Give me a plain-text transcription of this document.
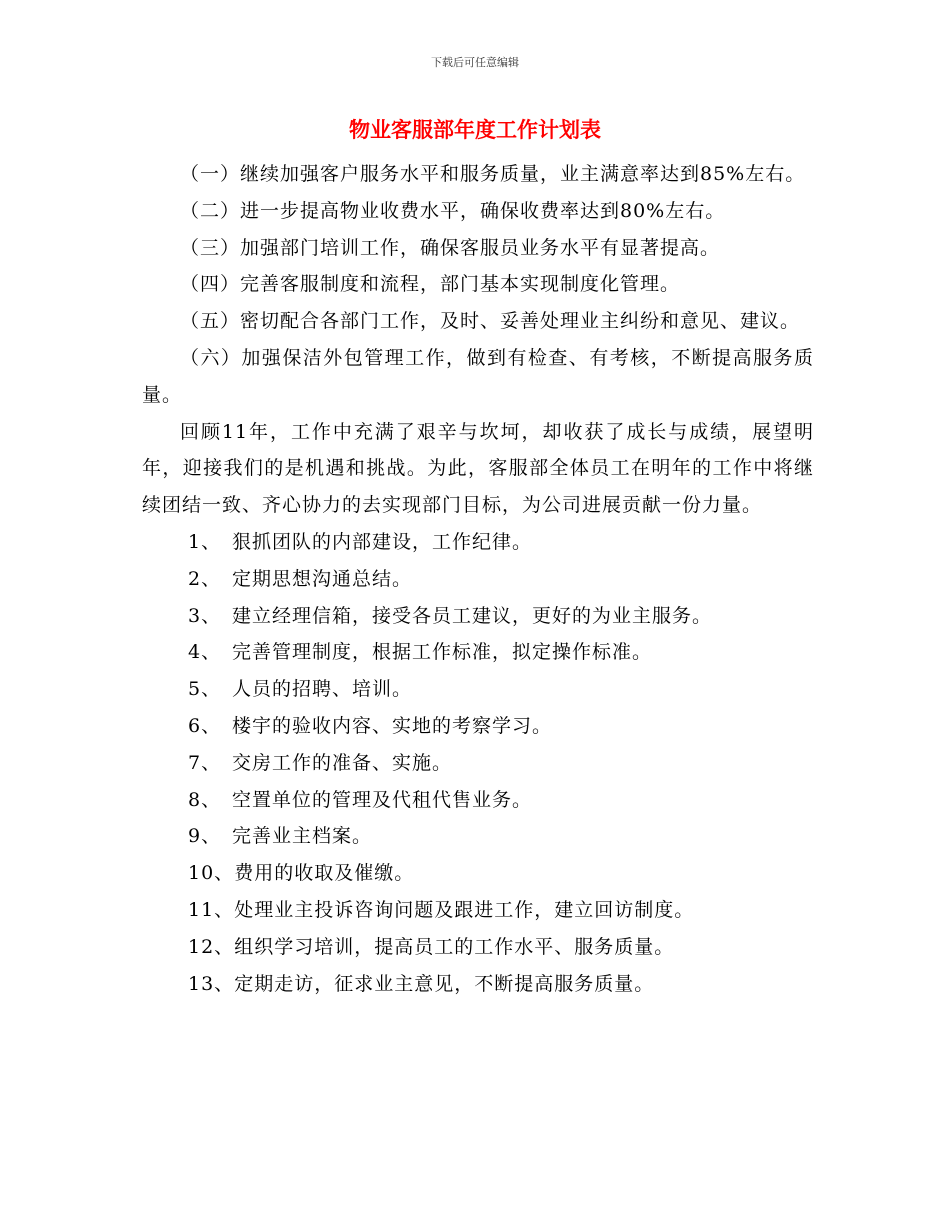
下载后可任意编辑
物业客服部年度工作计划表

（一）继续加强客户服务水平和服务质量，业主满意率达到85%左右。

（二）进一步提高物业收费水平，确保收费率达到80%左右。

（三）加强部门培训工作，确保客服员业务水平有显著提高。

（四）完善客服制度和流程，部门基本实现制度化管理。

（五）密切配合各部门工作，及时、妥善处理业主纠纷和意见、建议。

（六）加强保洁外包管理工作，做到有检查、有考核，不断提高服务质量。

回顾11年，工作中充满了艰辛与坎坷，却收获了成长与成绩，展望明年，迎接我们的是机遇和挑战。为此，客服部全体员工在明年的工作中将继续团结一致、齐心协力的去实现部门目标，为公司进展贡献一份力量。

1、 狠抓团队的内部建设，工作纪律。

2、 定期思想沟通总结。

3、 建立经理信箱，接受各员工建议，更好的为业主服务。

4、 完善管理制度，根据工作标准，拟定操作标准。

5、 人员的招聘、培训。

6、 楼宇的验收内容、实地的考察学习。

7、 交房工作的准备、实施。

8、 空置单位的管理及代租代售业务。

9、 完善业主档案。

10、费用的收取及催缴。

11、处理业主投诉咨询问题及跟进工作，建立回访制度。

12、组织学习培训，提高员工的工作水平、服务质量。

13、定期走访，征求业主意见，不断提高服务质量。
